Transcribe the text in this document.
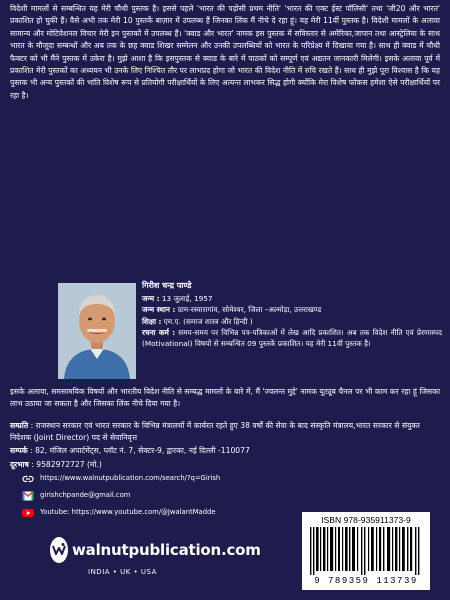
विदेशी मामलों से सम्बन्धित यह मेरी चौथी पुस्तक है। इससे पहले 'भारत की पड़ोसी प्रथम नीति' 'भारत की एक्ट ईस्ट पॉलिसी' तथा 'जी20 और भारत' प्रकाशित हो चुकी हैं। वैसे अभी तक मेरी 10 पुस्तकें बाज़ार में उपलब्ध हैं जिनका लिंक मैं नीचे दे रहा हूं। यह मेरी 11वीं पुस्तक है। विदेशी मामलों के अलावा सामान्य और मोटिवेशनल विचार मेरी इन पुस्तकों में उपलब्ध हैं। 'क्वाड और भारत' नामक इस पुस्तक में सविस्तार से अमेरिका,जापान तथा आस्ट्रेलिया के साथ भारत के मौजूदा सम्बन्धों और अब तक के छह क्वाड शिखर सम्मेलन और उनकी उपलब्धियों को भारत के परिप्रेक्ष्य में दिखाया गया है। साथ ही क्वाड में चौथी फैक्टर को भी मैंने पुस्तक में उकेरा है। मुझे आशा है कि इसपुस्तक से क्वाड के बारे में पाठकों को सम्पूर्ण एवं अद्यतन जानकारी मिलेगी। इसके अलावा पूर्व में प्रकाशित मेरी पुस्तकों का अध्ययन भी उनके लिए निश्चित तौर पर लाभप्रद होगा जो भारत की विदेश नीति में रुचि रखते हैं। साथ ही मुझे पूरा विश्वास है कि यह पुस्तक भी अन्य पुस्तकों की भांति विशेष रूप से प्रतियोगी परीक्षार्थियों के लिए अत्यन्त लाभकर सिद्ध होगी क्योंकि मेरा विशेष फोकस हमेशा ऐसे परीक्षार्थियों पर रहा है।

गिरीश चन्द्र पाण्डे
जन्म : 13 जुलाई, 1957
जन्म स्थान : ग्राम-रस्यारागांव, सोमेश्वर, जिला –अल्मोड़ा, उत्तराखण्ड
शिक्षा : एम.ए. (समाज शास्त्र और हिन्दी )
रचना कर्म : समय-समय पर विभिन्न पत्र-पत्रिकाओं में लेख आदि प्रकाशित। अब तक विदेश नीति एवं प्रेरणास्पद (Motivational) विषयों से सम्बन्धित 09 पुस्तकें प्रकाशित। यह मेरी 11वीं पुस्तक है।

इसके अलावा, समसामयिक विषयों और भारतीय विदेश नीति से सम्बद्ध मामलों के बारे में, मैं 'ज्वलन्त मुद्दे' नामक यूट्यूब चैनल पर भी काम कर रहा हूं जिसका लाभ उठाया जा सकता है और जिसका लिंक नीचे दिया गया है।

सम्प्रति : राजस्थान सरकार एवं भारत सरकार के विभिन्न मंत्रालयों में कार्यरत रहते हुए 38 वर्षों की सेवा के बाद संस्कृति मंत्रालय,भारत सरकार से संयुक्त निदेशक (Joint Director) पद से सेवानिवृत्त

सम्पर्क : 82, मंजिल अपार्टमेंट्स, प्लॉट नं. 7, सेक्टर-9, द्वारका, नई दिल्ली -110077

दूरभाष : 9582972727 (मो.)

https://www.walnutpublication.com/search/?q=Girish
girishchpande@gmail.com
Youtube: https://www.youtube.com/@JwalantMadde
walnutpublication.com
INDIA • UK • USA
ISBN 978-935911373-9
9 789359 113739
